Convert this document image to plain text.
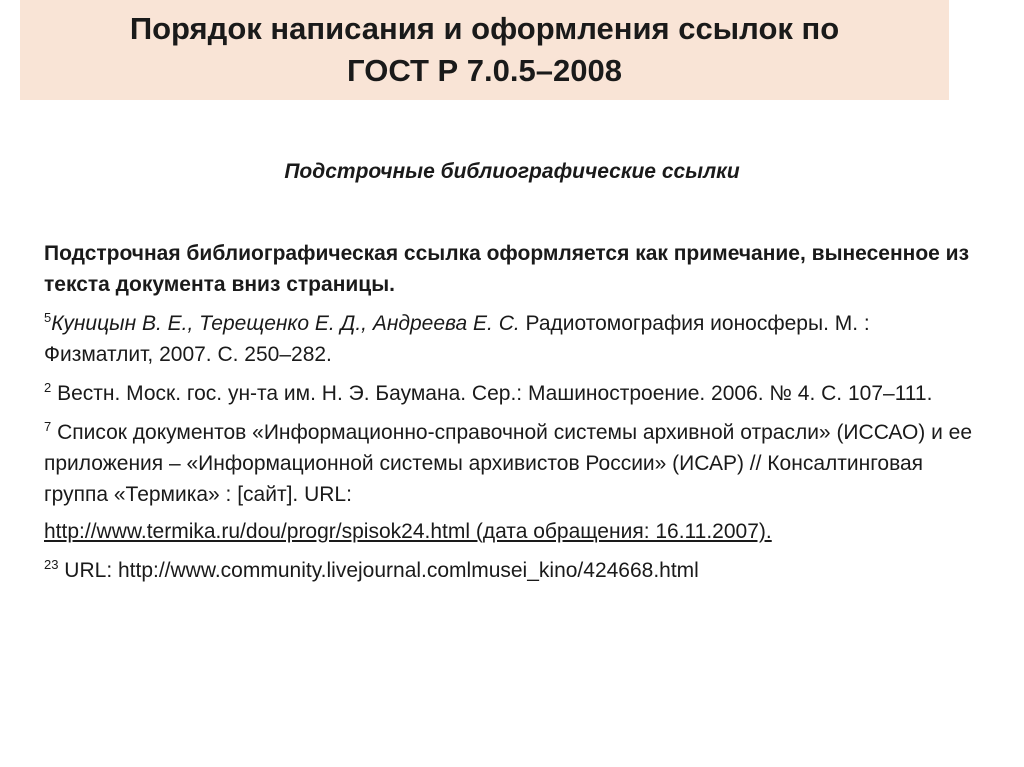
Порядок написания и оформления ссылок по
ГОСТ Р 7.0.5–2008

Подстрочные библиографические ссылки

Подстрочная библиографическая ссылка оформляется как примечание, вынесенное из текста документа вниз страницы.

$^5$Куницын В. Е., Терещенко Е. Д., Андреева Е. С. Радиотомография ионосферы. М. : Физматлит, 2007. С. 250–282.

$^2$ Вестн. Моск. гос. ун-та им. Н. Э. Баумана. Сер.: Машиностроение. 2006. № 4. С. 107–111.

$^7$ Список документов «Информационно-справочной системы архивной отрасли» (ИССАО) и ее приложения – «Информационной системы архивистов России» (ИСАР) // Консалтинговая группа «Термика» : [сайт]. URL:

http://www.termika.ru/dou/progr/spisok24.html (дата обращения: 16.11.2007).

$^{23}$ URL: http://www.community.livejournal.comlmusei_kino/424668.html
